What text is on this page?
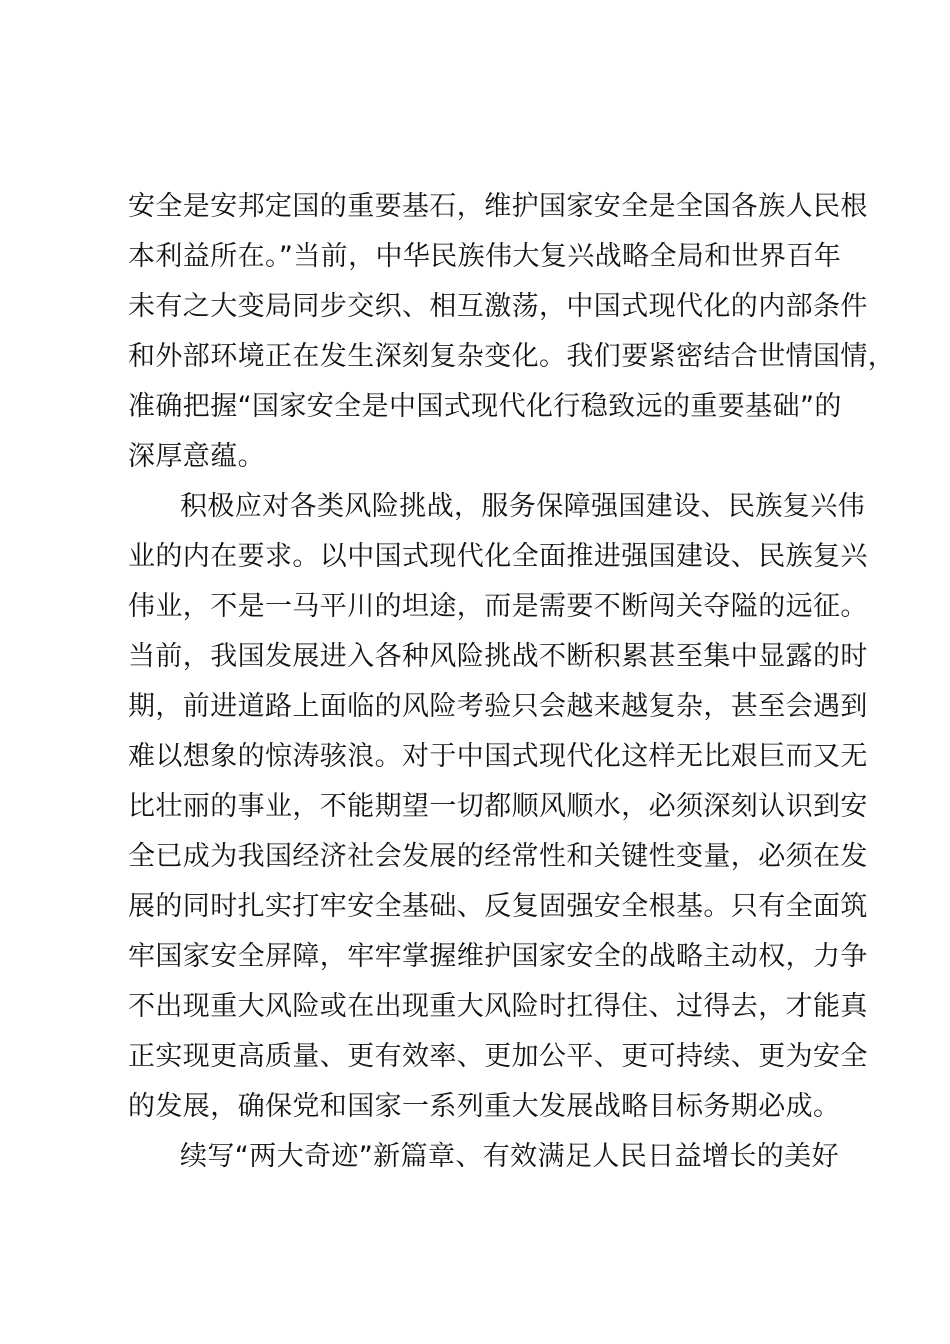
安全是安邦定国的重要基石，维护国家安全是全国各族人民根
本利益所在。”当前，中华民族伟大复兴战略全局和世界百年
未有之大变局同步交织、相互激荡，中国式现代化的内部条件
和外部环境正在发生深刻复杂变化。我们要紧密结合世情国情，
准确把握“国家安全是中国式现代化行稳致远的重要基础”的
深厚意蕴。
积极应对各类风险挑战，服务保障强国建设、民族复兴伟
业的内在要求。以中国式现代化全面推进强国建设、民族复兴
伟业，不是一马平川的坦途，而是需要不断闯关夺隘的远征。
当前，我国发展进入各种风险挑战不断积累甚至集中显露的时
期，前进道路上面临的风险考验只会越来越复杂，甚至会遇到
难以想象的惊涛骇浪。对于中国式现代化这样无比艰巨而又无
比壮丽的事业，不能期望一切都顺风顺水，必须深刻认识到安
全已成为我国经济社会发展的经常性和关键性变量，必须在发
展的同时扎实打牢安全基础、反复固强安全根基。只有全面筑
牢国家安全屏障，牢牢掌握维护国家安全的战略主动权，力争
不出现重大风险或在出现重大风险时扛得住、过得去，才能真
正实现更高质量、更有效率、更加公平、更可持续、更为安全
的发展，确保党和国家一系列重大发展战略目标务期必成。
续写“两大奇迹”新篇章、有效满足人民日益增长的美好
